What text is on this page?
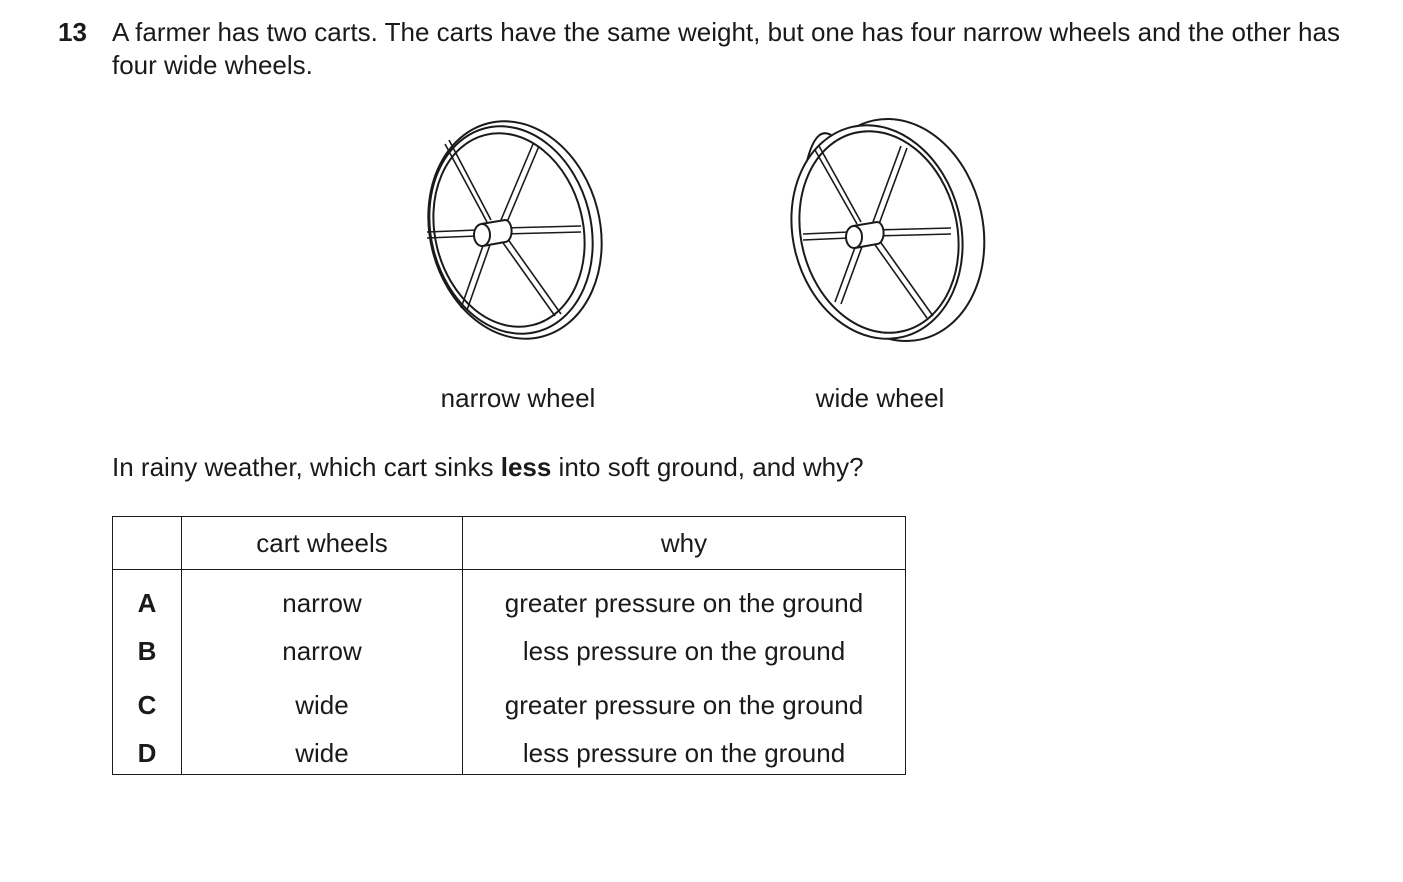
13 A farmer has two carts. The carts have the same weight, but one has four narrow wheels and the other has four wide wheels.
narrow wheel	wide wheel
In rainy weather, which cart sinks less into soft ground, and why?
	cart wheels	why
A	narrow	greater pressure on the ground
B	narrow	less pressure on the ground
C	wide	greater pressure on the ground
D	wide	less pressure on the ground
